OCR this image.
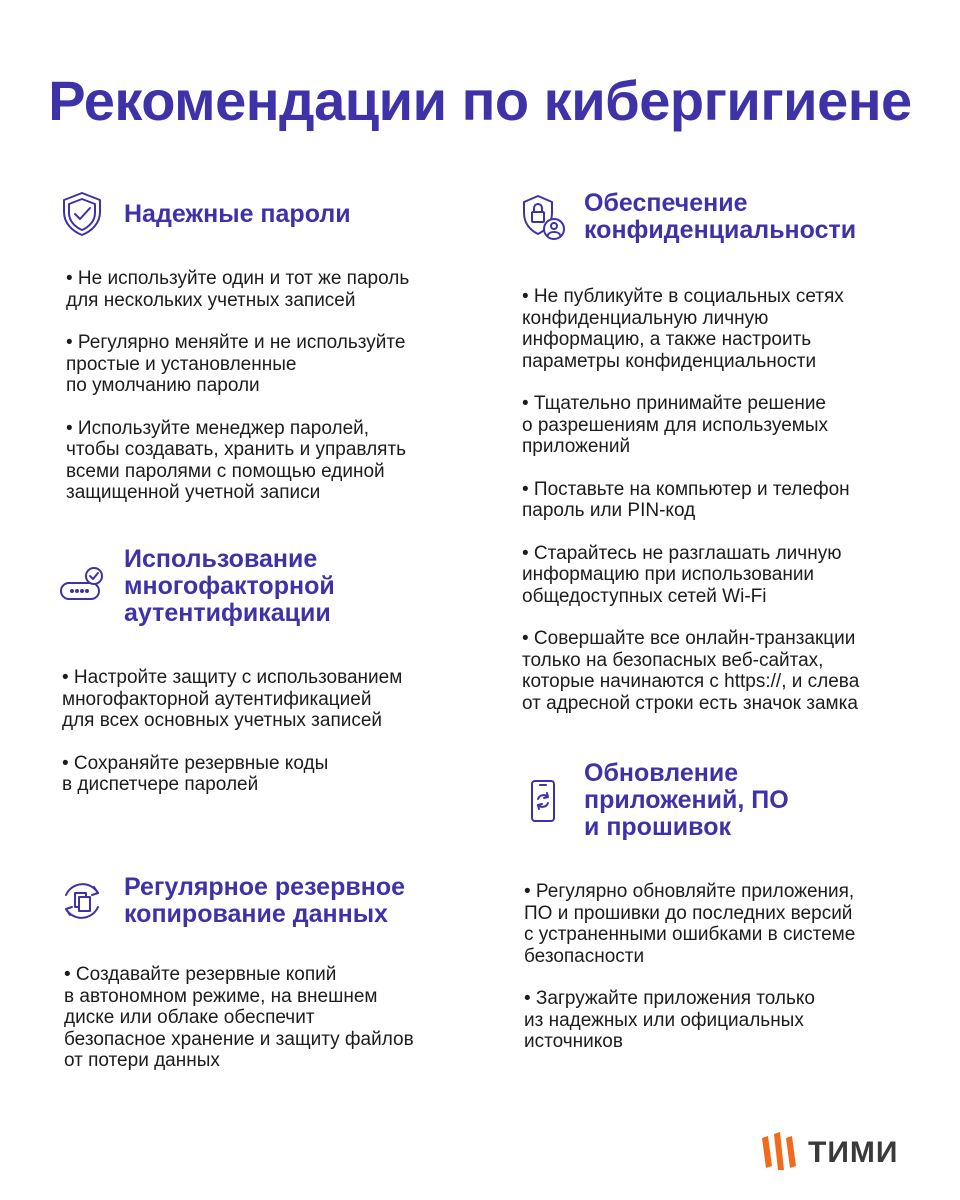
Рекомендации по кибергигиене
Надежные пароли
• Не используйте один и тот же пароль
для нескольких учетных записей
• Регулярно меняйте и не используйте
простые и установленные
по умолчанию пароли
• Используйте менеджер паролей,
чтобы создавать, хранить и управлять
всеми паролями с помощью единой
защищенной учетной записи
Использование
многофакторной
аутентификации
• Настройте защиту с использованием
многофакторной аутентификацией
для всех основных учетных записей
• Сохраняйте резервные коды
в диспетчере паролей
Регулярное резервное
копирование данных
• Создавайте резервные копий
в автономном режиме, на внешнем
диске или облаке обеспечит
безопасное хранение и защиту файлов
от потери данных
Обеспечение
конфиденциальности
• Не публикуйте в социальных сетях
конфиденциальную личную
информацию, а также настроить
параметры конфиденциальности
• Тщательно принимайте решение
о разрешениям для используемых
приложений
• Поставьте на компьютер и телефон
пароль или PIN-код
• Старайтесь не разглашать личную
информацию при использовании
общедоступных сетей Wi-Fi
• Совершайте все онлайн-транзакции
только на безопасных веб-сайтах,
которые начинаются с https://, и слева
от адресной строки есть значок замка
Обновление
приложений, ПО
и прошивок
• Регулярно обновляйте приложения,
ПО и прошивки до последних версий
с устраненными ошибками в системе
безопасности
• Загружайте приложения только
из надежных или официальных
источников
ТИМИ
